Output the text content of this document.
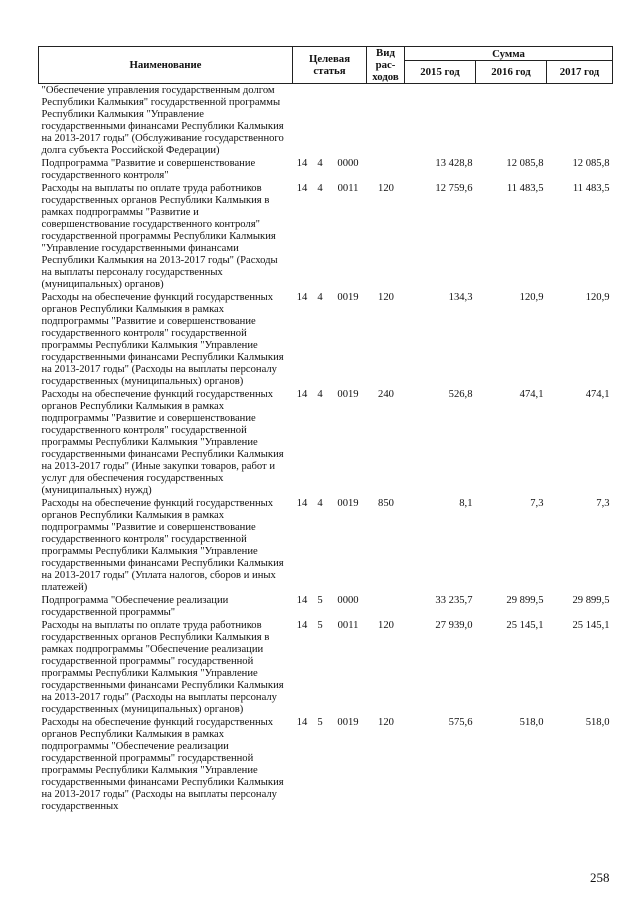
Наименование	Целевая статья			Вид рас-ходов	Сумма		
					2015 год	2016 год	2017 год
"Обеспечение управления государственным долгом Республики Калмыкия" государственной программы Республики Калмыкия "Управление государственными финансами Республики Калмыкия на 2013-2017 годы" (Обслуживание государственного долга субъекта Российской Федерации)							
Подпрограмма "Развитие и совершенствование государственного контроля"	14	4	0000		13 428,8	12 085,8	12 085,8
Расходы на выплаты по оплате труда работников государственных органов Республики Калмыкия в рамках подпрограммы "Развитие и совершенствование государственного контроля" государственной программы Республики Калмыкия "Управление государственными финансами Республики Калмыкия на 2013-2017 годы" (Расходы на выплаты персоналу государственных (муниципальных) органов)	14	4	0011	120	12 759,6	11 483,5	11 483,5
Расходы на обеспечение функций государственных органов Республики Калмыкия в рамках подпрограммы "Развитие и совершенствование государственного контроля" государственной программы Республики Калмыкия "Управление государственными финансами Республики Калмыкия на 2013-2017 годы" (Расходы на выплаты персоналу государственных (муниципальных) органов)	14	4	0019	120	134,3	120,9	120,9
Расходы на обеспечение функций государственных органов Республики Калмыкия в рамках подпрограммы "Развитие и совершенствование государственного контроля" государственной программы Республики Калмыкия "Управление государственными финансами Республики Калмыкия на 2013-2017 годы" (Иные закупки товаров, работ и услуг для обеспечения государственных (муниципальных) нужд)	14	4	0019	240	526,8	474,1	474,1
Расходы на обеспечение функций государственных органов Республики Калмыкия в рамках подпрограммы "Развитие и совершенствование государственного контроля" государственной программы Республики Калмыкия "Управление государственными финансами Республики Калмыкия на 2013-2017 годы" (Уплата налогов, сборов и иных платежей)	14	4	0019	850	8,1	7,3	7,3
Подпрограмма "Обеспечение реализации государственной программы"	14	5	0000		33 235,7	29 899,5	29 899,5
Расходы на выплаты по оплате труда работников государственных органов Республики Калмыкия в рамках подпрограммы "Обеспечение реализации государственной программы" государственной программы Республики Калмыкия "Управление государственными финансами Республики Калмыкия на 2013-2017 годы" (Расходы на выплаты персоналу государственных (муниципальных) органов)	14	5	0011	120	27 939,0	25 145,1	25 145,1
Расходы на обеспечение функций государственных органов Республики Калмыкия в рамках подпрограммы "Обеспечение реализации государственной программы" государственной программы Республики Калмыкия "Управление государственными финансами Республики Калмыкия на 2013-2017 годы" (Расходы на выплаты персоналу государственных	14	5	0019	120	575,6	518,0	518,0
258
